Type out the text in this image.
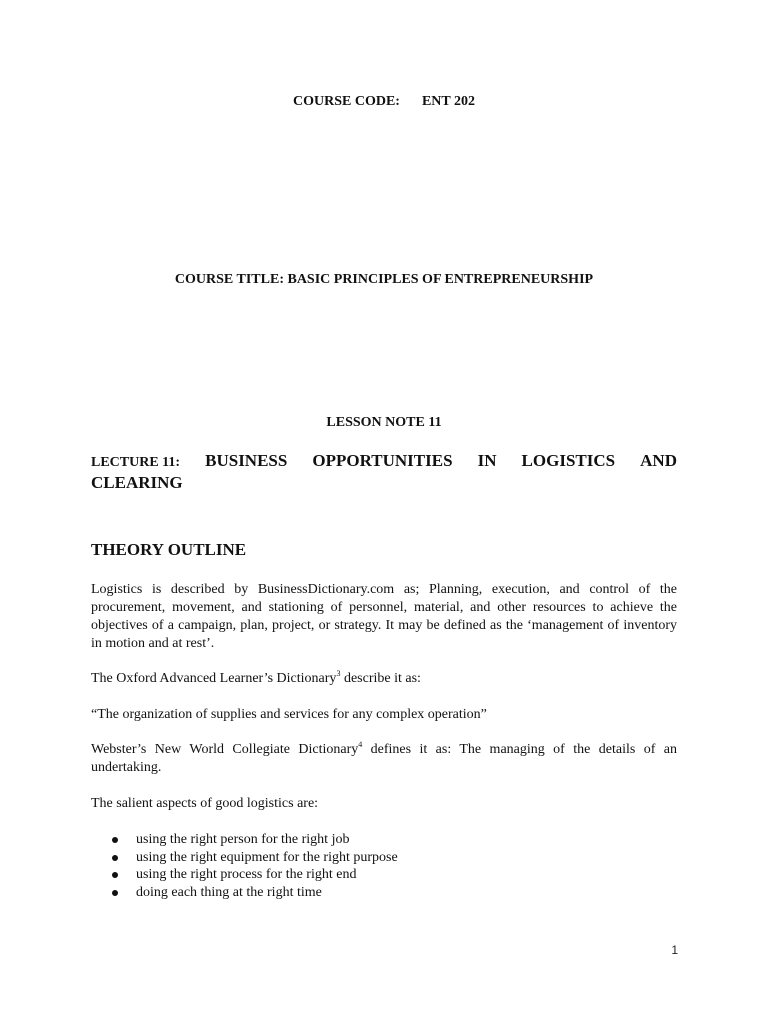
COURSE CODE: ENT 202
COURSE TITLE: BASIC PRINCIPLES OF ENTREPRENEURSHIP
LESSON NOTE 11
LECTURE 11: BUSINESS OPPORTUNITIES IN LOGISTICS AND
CLEARING
THEORY OUTLINE

Logistics is described by BusinessDictionary.com as; Planning, execution, and control of the procurement, movement, and stationing of personnel, material, and other resources to achieve the objectives of a campaign, plan, project, or strategy. It may be defined as the ‘management of inventory in motion and at rest’.

The Oxford Advanced Learner’s Dictionary$^3$ describe it as:

“The organization of supplies and services for any complex operation”

Webster’s New World Collegiate Dictionary$^4$ defines it as: The managing of the details of an undertaking.

The salient aspects of good logistics are:

using the right person for the right job
using the right equipment for the right purpose
using the right process for the right end
doing each thing at the right time
1
